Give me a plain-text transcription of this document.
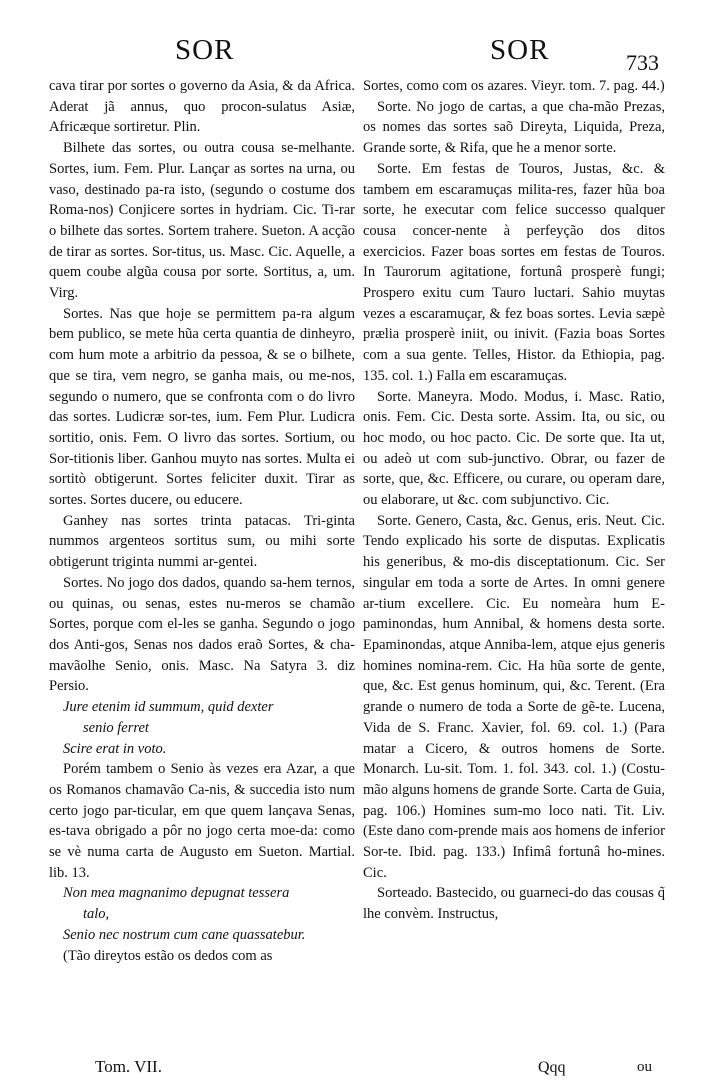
SOR	SOR	733

cava tirar por sortes o governo da Asia, & da Africa. Aderat jã annus, quo procon-sulatus Asiæ, Africæque sortiretur. Plin.

Bilhete das sortes, ou outra cousa se-melhante. Sortes, ium. Fem. Plur. Lançar as sortes na urna, ou vaso, destinado pa-ra isto, (segundo o costume dos Roma-nos) Conjicere sortes in hydriam. Cic. Ti-rar o bilhete das sortes. Sortem trahere. Sueton. A acção de tirar as sortes. Sor-titus, us. Masc. Cic. Aquelle, a quem coube algũa cousa por sorte. Sortitus, a, um. Virg.

Sortes. Nas que hoje se permittem pa-ra algum bem publico, se mete hũa certa quantia de dinheyro, com hum mote a arbitrio da pessoa, & se o bilhete, que se tira, vem negro, se ganha mais, ou me-nos, segundo o numero, que se confronta com o do livro das sortes. Ludicræ sor-tes, ium. Fem Plur. Ludicra sortitio, onis. Fem. O livro das sortes. Sortium, ou Sor-titionis liber. Ganhou muyto nas sortes. Multa ei sortitò obtigerunt. Sortes feliciter duxit. Tirar as sortes. Sortes ducere, ou educere.

Ganhey nas sortes trinta patacas. Tri-ginta nummos argenteos sortitus sum, ou mihi sorte obtigerunt triginta nummi ar-gentei.

Sortes. No jogo dos dados, quando sa-hem ternos, ou quinas, ou senas, estes nu-meros se chamão Sortes, porque com el-les se ganha. Segundo o jogo dos Anti-gos, Senas nos dados eraõ Sortes, & cha-mavãolhe Senio, onis. Masc. Na Satyra 3. diz Persio.

Jure etenim id summum, quid dexter

senio ferret

Scire erat in voto.

Porém tambem o Senio às vezes era Azar, a que os Romanos chamavão Ca-nis, & succedia isto num certo jogo par-ticular, em que quem lançava Senas, es-tava obrigado a pôr no jogo certa moe-da: como se vè numa carta de Augusto em Sueton. Martial. lib. 13.

Non mea magnanimo depugnat tessera

talo,

Senio nec nostrum cum cane quassatebur.

(Tão direytos estão os dedos com as

Sortes, como com os azares. Vieyr. tom. 7. pag. 44.)

Sorte. No jogo de cartas, a que cha-mão Prezas, os nomes das sortes saõ Direyta, Liquida, Preza, Grande sorte, & Rifa, que he a menor sorte.

Sorte. Em festas de Touros, Justas, &c. & tambem em escaramuças milita-res, fazer hũa boa sorte, he executar com felice successo qualquer cousa concer-nente à perfeyção dos ditos exercicios. Fazer boas sortes em festas de Touros. In Taurorum agitatione, fortunâ prosperè fungi; Prospero exitu cum Tauro luctari. Sahio muytas vezes a escaramuçar, & fez boas sortes. Levia sæpè prælia prosperè iniit, ou inivit. (Fazia boas Sortes com a sua gente. Telles, Histor. da Ethiopia, pag. 135. col. 1.) Falla em escaramuças.

Sorte. Maneyra. Modo. Modus, i. Masc. Ratio, onis. Fem. Cic. Desta sorte. Assim. Ita, ou sic, ou hoc modo, ou hoc pacto. Cic. De sorte que. Ita ut, ou adeò ut com sub-junctivo. Obrar, ou fazer de sorte, que, &c. Efficere, ou curare, ou operam dare, ou elaborare, ut &c. com subjunctivo. Cic.

Sorte. Genero, Casta, &c. Genus, eris. Neut. Cic. Tendo explicado his sorte de disputas. Explicatis his generibus, & mo-dis disceptationum. Cic. Ser singular em toda a sorte de Artes. In omni genere ar-tium excellere. Cic. Eu nomeàra hum E-paminondas, hum Annibal, & homens desta sorte. Epaminondas, atque Anniba-lem, atque ejus generis homines nomina-rem. Cic. Ha hũa sorte de gente, que, &c. Est genus hominum, qui, &c. Terent. (Era grande o numero de toda a Sorte de gẽ-te. Lucena, Vida de S. Franc. Xavier, fol. 69. col. 1.) (Para matar a Cicero, & outros homens de Sorte. Monarch. Lu-sit. Tom. 1. fol. 343. col. 1.) (Costu-mão alguns homens de grande Sorte. Carta de Guia, pag. 106.) Homines sum-mo loco nati. Tit. Liv. (Este dano com-prende mais aos homens de inferior Sor-te. Ibid. pag. 133.) Infimâ fortunâ ho-mines. Cic.

Sorteado. Bastecido, ou guarneci-do das cousas q̃ lhe convèm. Instructus,

Tom. VII.	Qqq	ou
